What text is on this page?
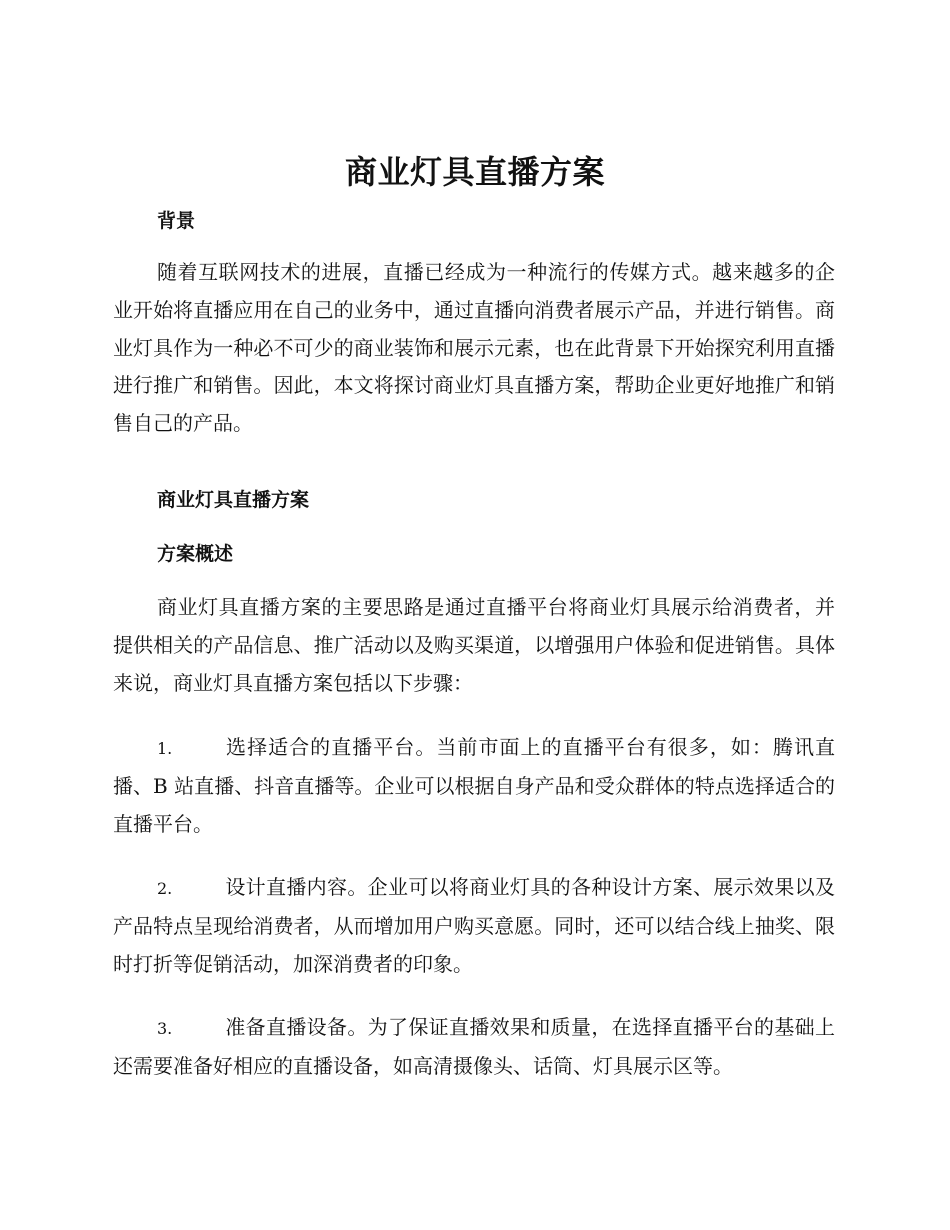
商业灯具直播方案
背景

随着互联网技术的进展，直播已经成为一种流行的传媒方式。越来越多的企业开始将直播应用在自己的业务中，通过直播向消费者展示产品，并进行销售。商业灯具作为一种必不可少的商业装饰和展示元素，也在此背景下开始探究利用直播进行推广和销售。因此，本文将探讨商业灯具直播方案，帮助企业更好地推广和销售自己的产品。

商业灯具直播方案
方案概述

商业灯具直播方案的主要思路是通过直播平台将商业灯具展示给消费者，并提供相关的产品信息、推广活动以及购买渠道，以增强用户体验和促进销售。具体来说，商业灯具直播方案包括以下步骤：

1.	选择适合的直播平台。当前市面上的直播平台有很多，如：腾讯直播、B 站直播、抖音直播等。企业可以根据自身产品和受众群体的特点选择适合的直播平台。

2.	设计直播内容。企业可以将商业灯具的各种设计方案、展示效果以及产品特点呈现给消费者，从而增加用户购买意愿。同时，还可以结合线上抽奖、限时打折等促销活动，加深消费者的印象。

3.	准备直播设备。为了保证直播效果和质量，在选择直播平台的基础上还需要准备好相应的直播设备，如高清摄像头、话筒、灯具展示区等。
